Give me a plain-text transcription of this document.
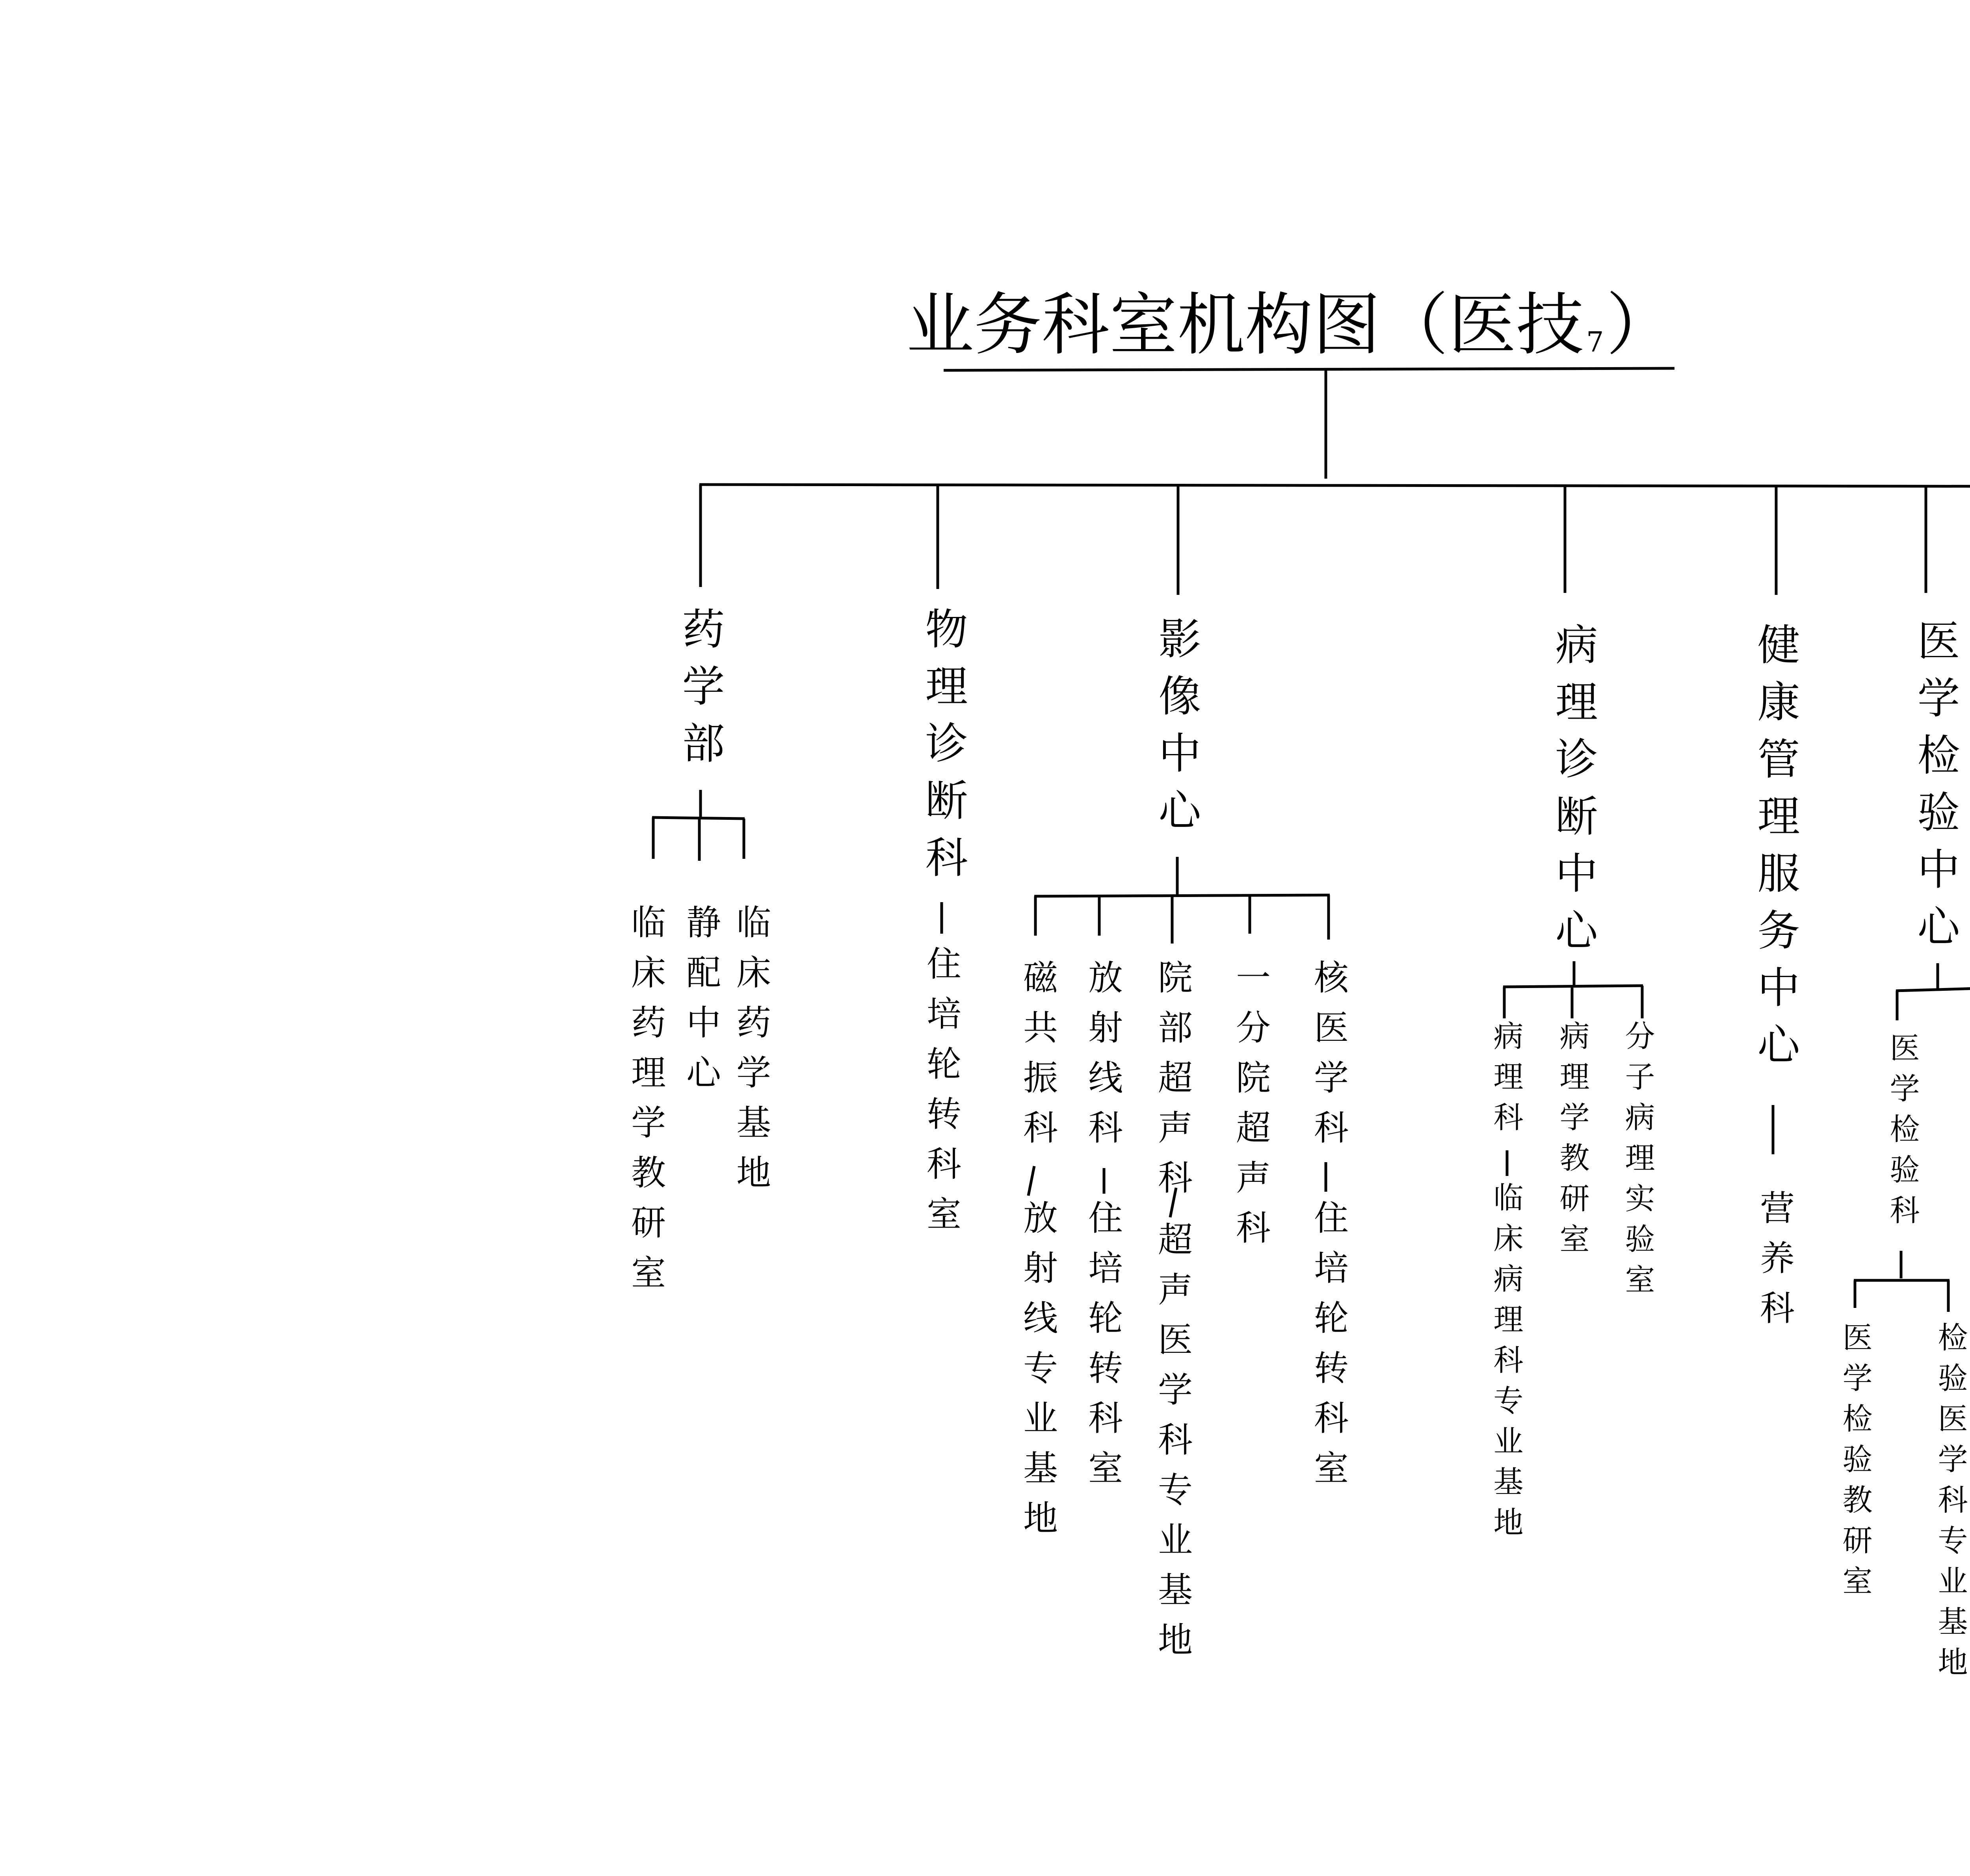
业务科室机构图（医技7）
药学部	物理诊断科	影像中心	病理诊断中心	健康管理服务中心	医学检验中心
临床药理学教研室 静配中心 临床药学基地	住培轮转科室 磁共振科
放射线专业基地
放射线科
住培轮转科室
院部超声科
超声医学科专业基地
一分院超声科 核医学科
住培轮转科室
病理科
临床病理科专业基地
病理学教研室 分子病理实验室	营养科
医学检验科
医学检验教研室 检验医学科专业基地
